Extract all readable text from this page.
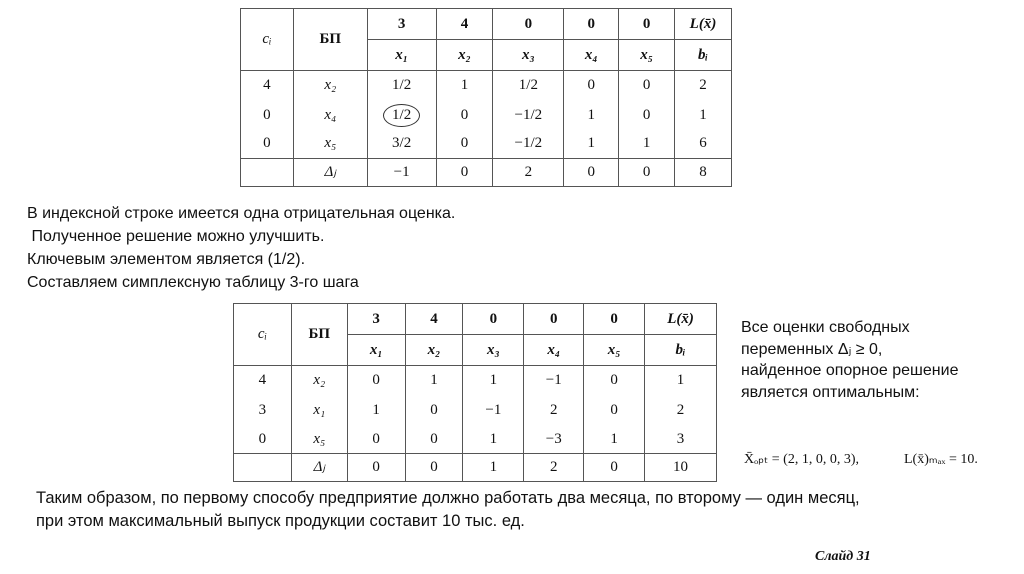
cᵢ	БП	3	4	0	0	0	L(x̄)
		x₁	x₂	x₃	x₄	x₅	bᵢ
4	x₂	1/2	1	1/2	0	0	2
0	x₄	1/2	0	−1/2	1	0	1
0	x₅	3/2	0	−1/2	1	1	6
	Δⱼ	−1	0	2	0	0	8
В индексной строке имеется одна отрицательная оценка.
Полученное решение можно улучшить.
Ключевым элементом является (1/2).
Составляем симплексную таблицу 3-го шага
cᵢ	БП	3	4	0	0	0	L(x̄)
		x₁	x₂	x₃	x₄	x₅	bᵢ
4	x₂	0	1	1	−1	0	1
3	x₁	1	0	−1	2	0	2
0	x₅	0	0	1	−3	1	3
	Δⱼ	0	0	1	2	0	10
Все оценки свободных
переменных Δⱼ ≥ 0,
найденное опорное решение
является оптимальным:
X̄ₒₚₜ = (2, 1, 0, 0, 3),	L(x̄)ₘₐₓ = 10.
Таким образом, по первому способу предприятие должно работать два месяца, по второму — один месяц,
при этом максимальный выпуск продукции составит 10 тыс. ед.
Слайд 31
